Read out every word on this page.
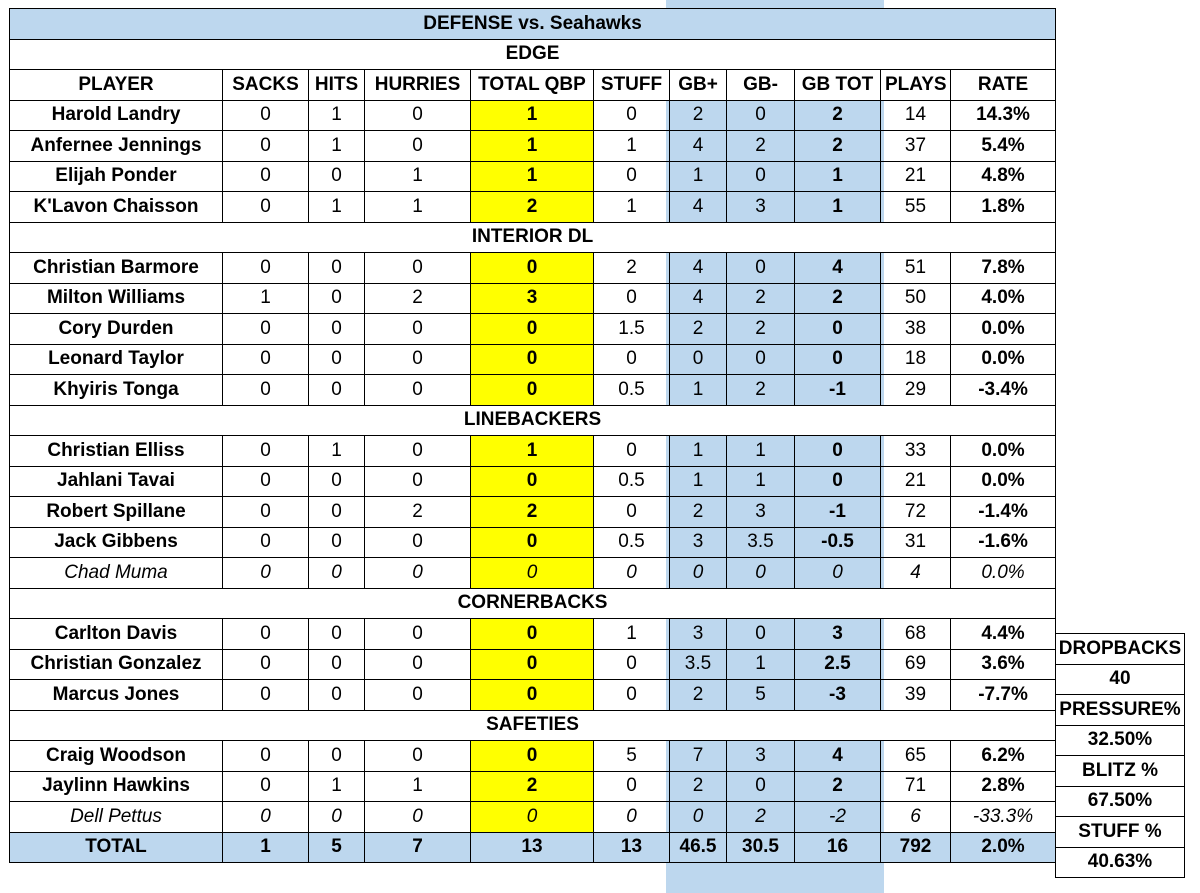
DEFENSE vs. Seahawks										
EDGE										
PLAYER	SACKS	HITS	HURRIES	TOTAL QBP	STUFF	GB+	GB-	GB TOT	PLAYS	RATE
Harold Landry	0	1	0	1	0	2	0	2	14	14.3%
Anfernee Jennings	0	1	0	1	1	4	2	2	37	5.4%
Elijah Ponder	0	0	1	1	0	1	0	1	21	4.8%
K'Lavon Chaisson	0	1	1	2	1	4	3	1	55	1.8%
INTERIOR DL										
Christian Barmore	0	0	0	0	2	4	0	4	51	7.8%
Milton Williams	1	0	2	3	0	4	2	2	50	4.0%
Cory Durden	0	0	0	0	1.5	2	2	0	38	0.0%
Leonard Taylor	0	0	0	0	0	0	0	0	18	0.0%
Khyiris Tonga	0	0	0	0	0.5	1	2	-1	29	-3.4%
LINEBACKERS										
Christian Elliss	0	1	0	1	0	1	1	0	33	0.0%
Jahlani Tavai	0	0	0	0	0.5	1	1	0	21	0.0%
Robert Spillane	0	0	2	2	0	2	3	-1	72	-1.4%
Jack Gibbens	0	0	0	0	0.5	3	3.5	-0.5	31	-1.6%
Chad Muma	0	0	0	0	0	0	0	0	4	0.0%
CORNERBACKS										
Carlton Davis	0	0	0	0	1	3	0	3	68	4.4%
Christian Gonzalez	0	0	0	0	0	3.5	1	2.5	69	3.6%
Marcus Jones	0	0	0	0	0	2	5	-3	39	-7.7%
SAFETIES										
Craig Woodson	0	0	0	0	5	7	3	4	65	6.2%
Jaylinn Hawkins	0	1	1	2	0	2	0	2	71	2.8%
Dell Pettus	0	0	0	0	0	0	2	-2	6	-33.3%
TOTAL	1	5	7	13	13	46.5	30.5	16	792	2.0%
DROPBACKS
40
PRESSURE%
32.50%
BLITZ %
67.50%
STUFF %
40.63%
